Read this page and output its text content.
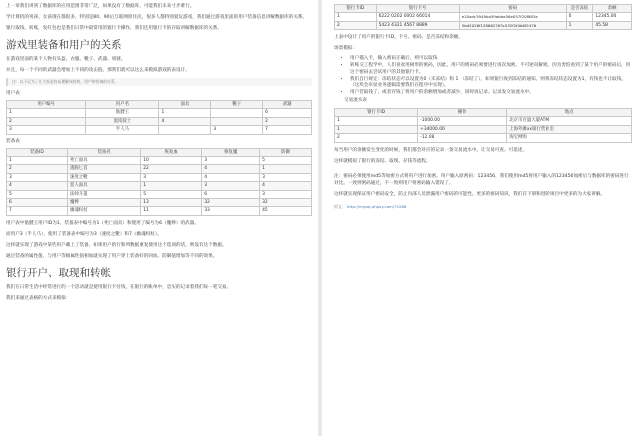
上一章我们讲到了数据库的应用范围非常广泛，如果没有了数据库，可能我们未来寸步难行。

学计算机的男孩、女孩现在都很多，特别是80、90后互联网原住民，很多人都特别爱玩游戏，我们通过游戏里面的用户装备信息讲解数据库的关系。

银行取钱、转账，发红包也是我们日常中最常用的银行卡操作，我们还用银行卡的存取讲解数据库的关系。

游戏里装备和用户的关系

在游戏里面的某个人物有头盔、衣服、靴子、武器、项链。

并且，每一个不同的武器会增加上不同的攻击值。那我们就可以这么来模拟游戏的表设计。

注：以下仅为了让大家更容易理解该结构，用户和装备的关系。
用户表
用户编号	用户名	面具	靴子	武器
1	骷髅王	1		6
2	混沌骑士	4		2
3	半人马		3	7
装备表
装备ID	装备名	恢复血	恢复魔	防御
1	死亡面具	10	3	5
2	逃脱匕首	22	4	1
3	速度之靴	3	4	3
4	恶人面具	1	3	4
5	法师斗篷	5	6	3
6	魔棒	13	32	32
7	幽魂权杖	11	33	45

用户表中骷髅王用户ID为1，装备表中编号为1（死亡面具）和使用了编号为6（魔棒）的武器。

而用户3（半人马），使用了装备表中编号为3（速度之靴）和7（幽魂权杖）。

这样就实现了游戏中某些用户戴上了装备。如果用户的行和列数据重复使用这个选项的话，则没有这个数据。

通过装备的属性值，与用户等级属性值相加就实现了用户穿上装备好的回血、防御值增加等不同的效果。

银行开户、取现和转帐

我们在日常生活中经常进行的一个活动就是使用银行卡付钱，在银行的帐单中，忠实的记录着我们每一笔交易。

我们来通过表格的方式来模拟：

银行卡ID	银行卡号	密码	是否冻结	余额
1	6222 0202 0002 66014	e10adc3949ba59abbe56e057f20f883e	0	12345.00
2	5423 4321 4567 8889	5bd2026f128662763c532f2f4b6f2476	1	45.58

上表中设计了用户的银行卡ID、卡号、密码、是否冻结和余额。

场景模拟：

• 用户插入卡，输入密码正确后，则可以取钱
• 转账交工程学中，人们喜欢用树形的密码，因此，用户的密码必须要进行再次加密。不可逆向解密。因为害怕看到了某个用户的密码后，用这个密码去尝试用户的其他银行卡。
• 我们自行规定：冻结状态可以设置为0（未冻结）和 1 （冻结了），如果银行收到冻结的通知。则将冻结状态设置为1，有钱也不让取钱。（这块会牵扯业务逻辑需要我们在程序中实现）。
• 用户若取钱了，或者存钱了将用户的余额增加或者减少，同时再记录。记录发交易流水中。
交易流水表
银行卡ID	操作	地点
1	-1000.00	北京市百盛大厦ATM
1	+34000.00	上海外滩xx银行营业室
2	-12.08	淘宝网购

每当用户的余额发生变化的时候，我们都会对应的记录一条交易流水中。让交易可查、可追述。

这样就模拟了银行的冻结、取现、存钱等流程。

注：密码必须使用md5等加密方式将用户进行加密。用户输入原密码：123456，我们使用md5将用户输入的123456加密后与数据库的密码进行对比。一致则密码通过，不一致则用户将密码输入错误了。

这样就实现保证用户密码安全，防止内部人员泄漏用户密码的可能性。更多的密码知识，我们在下册和进阶项目中更多的为大家讲解。

原文： http://mysql.phpxy.com/75288
